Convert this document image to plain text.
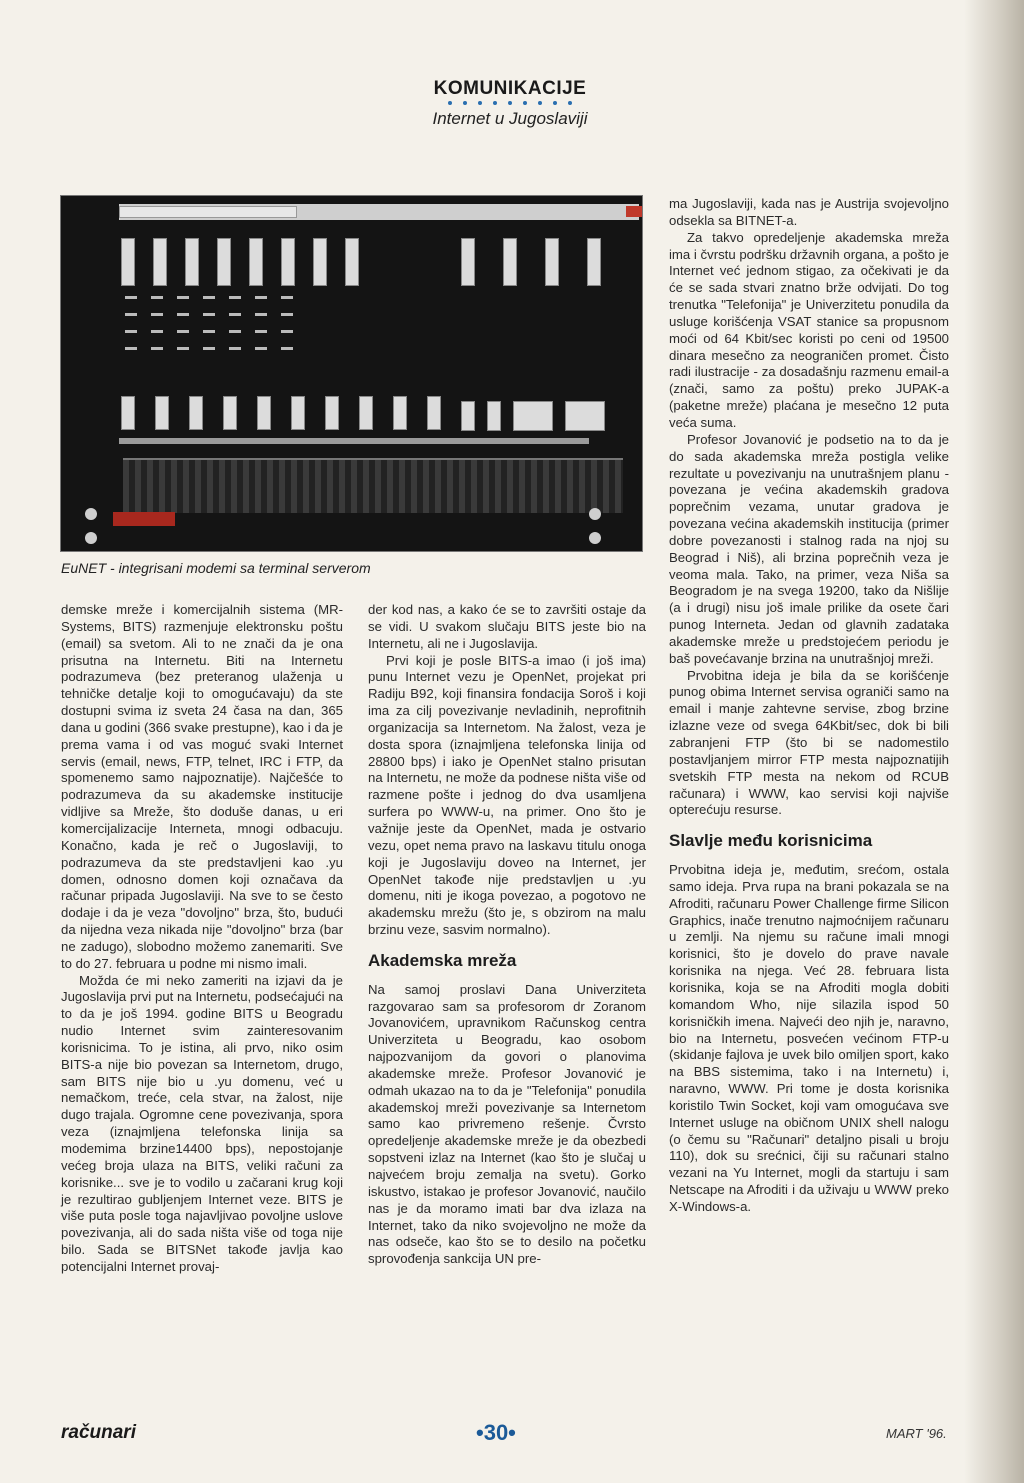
KOMUNIKACIJE
Internet u Jugoslaviji
EuNET - integrisani modemi sa terminal serverom

demske mreže i komercijalnih sistema (MR-Systems, BITS) razmenjuje elektronsku poštu (email) sa svetom. Ali to ne znači da je ona prisutna na Internetu. Biti na Internetu podrazumeva (bez preteranog ulaženja u tehničke detalje koji to omogućavaju) da ste dostupni svima iz sveta 24 časa na dan, 365 dana u godini (366 svake prestupne), kao i da je prema vama i od vas moguć svaki Internet servis (email, news, FTP, telnet, IRC i FTP, da spomenemo samo najpoznatije). Najčešće to podrazumeva da su akademske institucije vidljive sa Mreže, što doduše danas, u eri komercijalizacije Interneta, mnogi odbacuju. Konačno, kada je reč o Jugoslaviji, to podrazumeva da ste predstavljeni kao .yu domen, odnosno domen koji označava da računar pripada Jugoslaviji. Na sve to se često dodaje i da je veza "dovoljno" brza, što, budući da nijedna veza nikada nije "dovoljno" brza (bar ne zadugo), slobodno možemo zanemariti. Sve to do 27. februara u podne mi nismo imali.

Možda će mi neko zameriti na izjavi da je Jugoslavija prvi put na Internetu, podsećajući na to da je još 1994. godine BITS u Beogradu nudio Internet svim zainteresovanim korisnicima. To je istina, ali prvo, niko osim BITS-a nije bio povezan sa Internetom, drugo, sam BITS nije bio u .yu domenu, već u nemačkom, treće, cela stvar, na žalost, nije dugo trajala. Ogromne cene povezivanja, spora veza (iznajmljena telefonska linija sa modemima brzine14400 bps), nepostojanje većeg broja ulaza na BITS, veliki računi za korisnike... sve je to vodilo u začarani krug koji je rezultirao gubljenjem Internet veze. BITS je više puta posle toga najavljivao povoljne uslove povezivanja, ali do sada ništa više od toga nije bilo. Sada se BITSNet takođe javlja kao potencijalni Internet provaj-

der kod nas, a kako će se to završiti ostaje da se vidi. U svakom slučaju BITS jeste bio na Internetu, ali ne i Jugoslavija.

Prvi koji je posle BITS-a imao (i još ima) punu Internet vezu je OpenNet, projekat pri Radiju B92, koji finansira fondacija Soroš i koji ima za cilj povezivanje nevladinih, neprofitnih organizacija sa Internetom. Na žalost, veza je dosta spora (iznajmljena telefonska linija od 28800 bps) i iako je OpenNet stalno prisutan na Internetu, ne može da podnese ništa više od razmene pošte i jednog do dva usamljena surfera po WWW-u, na primer. Ono što je važnije jeste da OpenNet, mada je ostvario vezu, opet nema pravo na laskavu titulu onoga koji je Jugoslaviju doveo na Internet, jer OpenNet takođe nije predstavljen u .yu domenu, niti je ikoga povezao, a pogotovo ne akademsku mrežu (što je, s obzirom na malu brzinu veze, sasvim normalno).

Akademska mreža

Na samoj proslavi Dana Univerziteta razgovarao sam sa profesorom dr Zoranom Jovanovićem, upravnikom Računskog centra Univerziteta u Beogradu, kao osobom najpozvanijom da govori o planovima akademske mreže. Profesor Jovanović je odmah ukazao na to da je "Telefonija" ponudila akademskoj mreži povezivanje sa Internetom samo kao privremeno rešenje. Čvrsto opredeljenje akademske mreže je da obezbedi sopstveni izlaz na Internet (kao što je slučaj u najvećem broju zemalja na svetu). Gorko iskustvo, istakao je profesor Jovanović, naučilo nas je da moramo imati bar dva izlaza na Internet, tako da niko svojevoljno ne može da nas odseče, kao što se to desilo na početku sprovođenja sankcija UN pre-

ma Jugoslaviji, kada nas je Austrija svojevoljno odsekla sa BITNET-a.

Za takvo opredeljenje akademska mreža ima i čvrstu podršku državnih organa, a pošto je Internet već jednom stigao, za očekivati je da će se sada stvari znatno brže odvijati. Do tog trenutka "Telefonija" je Univerzitetu ponudila da usluge korišćenja VSAT stanice sa propusnom moći od 64 Kbit/sec koristi po ceni od 19500 dinara mesečno za neograničen promet. Čisto radi ilustracije - za dosadašnju razmenu email-a (znači, samo za poštu) preko JUPAK-a (paketne mreže) plaćana je mesečno 12 puta veća suma.

Profesor Jovanović je podsetio na to da je do sada akademska mreža postigla velike rezultate u povezivanju na unutrašnjem planu - povezana je većina akademskih gradova poprečnim vezama, unutar gradova je povezana većina akademskih institucija (primer dobre povezanosti i stalnog rada na njoj su Beograd i Niš), ali brzina poprečnih veza je veoma mala. Tako, na primer, veza Niša sa Beogradom je na svega 19200, tako da Nišlije (a i drugi) nisu još imale prilike da osete čari punog Interneta. Jedan od glavnih zadataka akademske mreže u predstojećem periodu je baš povećavanje brzina na unutrašnjoj mreži.

Prvobitna ideja je bila da se korišćenje punog obima Internet servisa ograniči samo na email i manje zahtevne servise, zbog brzine izlazne veze od svega 64Kbit/sec, dok bi bili zabranjeni FTP (što bi se nadomestilo postavljanjem mirror FTP mesta najpoznatijih svetskih FTP mesta na nekom od RCUB računara) i WWW, kao servisi koji najviše opterećuju resurse.

Slavlje među korisnicima

Prvobitna ideja je, međutim, srećom, ostala samo ideja. Prva rupa na brani pokazala se na Afroditi, računaru Power Challenge firme Silicon Graphics, inače trenutno najmoćnijem računaru u zemlji. Na njemu su račune imali mnogi korisnici, što je dovelo do prave navale korisnika na njega. Već 28. februara lista korisnika, koja se na Afroditi mogla dobiti komandom Who, nije silazila ispod 50 korisničkih imena. Najveći deo njih je, naravno, bio na Internetu, posvećen većinom FTP-u (skidanje fajlova je uvek bilo omiljen sport, kako na BBS sistemima, tako i na Internetu) i, naravno, WWW. Pri tome je dosta korisnika koristilo Twin Socket, koji vam omogućava sve Internet usluge na običnom UNIX shell nalogu (o čemu su "Računari" detaljno pisali u broju 110), dok su srećnici, čiji su računari stalno vezani na Yu Internet, mogli da startuju i sam Netscape na Afroditi i da uživaju u WWW preko X-Windows-a.

računari	•30•	MART '96.
